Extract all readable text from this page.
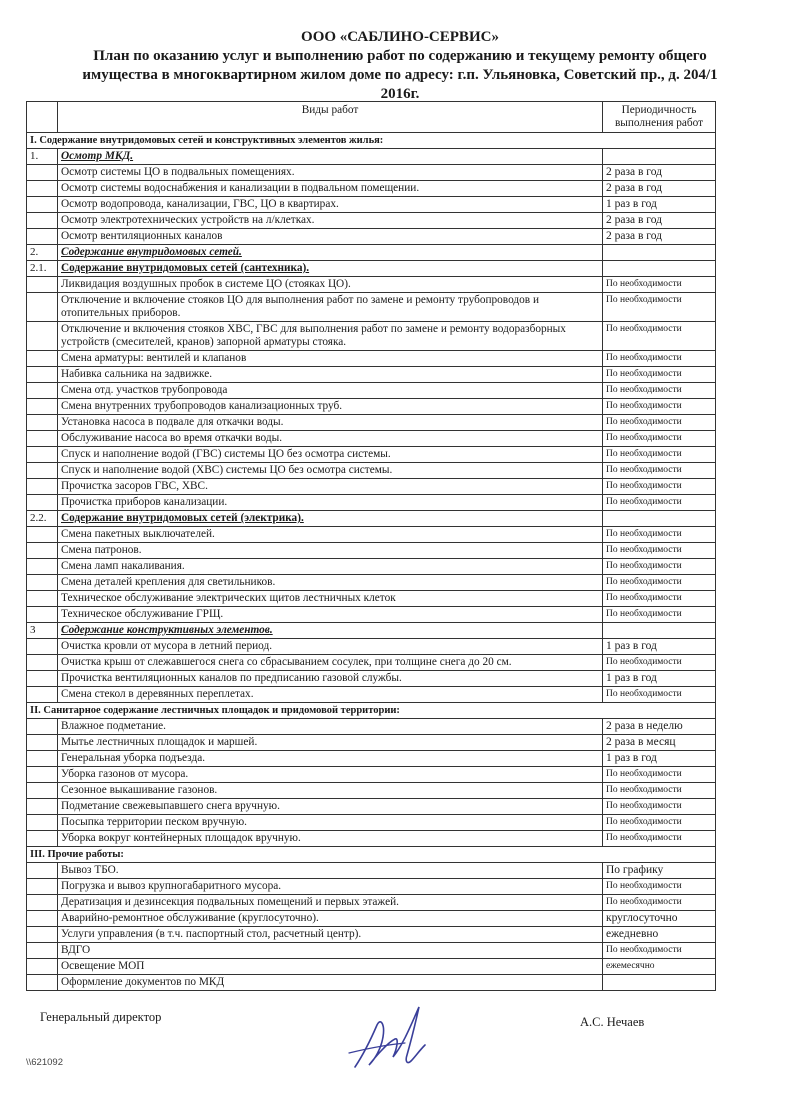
ООО «САБЛИНО-СЕРВИС»
План по оказанию услуг и выполнению работ по содержанию и текущему ремонту общего
имущества в многоквартирном жилом доме по адресу: г.п. Ульяновка, Советский пр., д. 204/1
2016г.
	Виды работ	Периодичность выполнения работ
I. Содержание внутридомовых сетей и конструктивных элементов жилья:		
1.	Осмотр МКД.	
	Осмотр системы ЦО в подвальных помещениях.	2 раза в год
	Осмотр системы водоснабжения и канализации в подвальном помещении.	2 раза в год
	Осмотр водопровода, канализации, ГВС, ЦО в квартирах.	1 раз в год
	Осмотр электротехнических устройств на л/клетках.	2 раза в год
	Осмотр вентиляционных каналов	2 раза в год
2.	Содержание внутридомовых сетей.	
2.1.	Содержание внутридомовых сетей (сантехника).	
	Ликвидация воздушных пробок в системе ЦО (стояках ЦО).	По необходимости
	Отключение и включение стояков ЦО для выполнения работ по замене и ремонту трубопроводов и отопительных приборов.	По необходимости
	Отключение и включения стояков ХВС, ГВС для выполнения работ по замене и ремонту водоразборных устройств (смесителей, кранов) запорной арматуры стояка.	По необходимости
	Смена арматуры: вентилей и клапанов	По необходимости
	Набивка сальника на задвижке.	По необходимости
	Смена отд. участков трубопровода	По необходимости
	Смена внутренних трубопроводов канализационных труб.	По необходимости
	Установка насоса в подвале для откачки воды.	По необходимости
	Обслуживание насоса во время откачки воды.	По необходимости
	Спуск и наполнение водой (ГВС) системы ЦО без осмотра системы.	По необходимости
	Спуск и наполнение водой (ХВС) системы ЦО без осмотра системы.	По необходимости
	Прочистка засоров ГВС, ХВС.	По необходимости
	Прочистка приборов канализации.	По необходимости
2.2.	Содержание внутридомовых сетей (электрика).	
	Смена пакетных выключателей.	По необходимости
	Смена патронов.	По необходимости
	Смена ламп накаливания.	По необходимости
	Смена деталей крепления для светильников.	По необходимости
	Техническое обслуживание электрических щитов лестничных клеток	По необходимости
	Техническое обслуживание ГРЩ.	По необходимости
3	Содержание конструктивных элементов.	
	Очистка кровли от мусора в летний период.	1 раз в год
	Очистка крыш от слежавшегося снега со сбрасыванием сосулек, при толщине снега до 20 см.	По необходимости
	Прочистка вентиляционных каналов по предписанию газовой службы.	1 раз в год
	Смена стекол в деревянных переплетах.	По необходимости
II. Санитарное содержание лестничных площадок и придомовой территории:		
	Влажное подметание.	2 раза в неделю
	Мытье лестничных площадок и маршей.	2 раза в месяц
	Генеральная уборка подъезда.	1 раз в год
	Уборка газонов от мусора.	По необходимости
	Сезонное выкашивание газонов.	По необходимости
	Подметание свежевыпавшего снега вручную.	По необходимости
	Посыпка территории песком вручную.	По необходимости
	Уборка вокруг контейнерных площадок вручную.	По необходимости
III. Прочие работы:		
	Вывоз ТБО.	По графику
	Погрузка и вывоз крупногабаритного мусора.	По необходимости
	Дератизация и дезинсекция подвальных помещений и первых этажей.	По необходимости
	Аварийно-ремонтное обслуживание (круглосуточно).	круглосуточно
	Услуги управления (в т.ч. паспортный стол, расчетный центр).	ежедневно
	ВДГО	По необходимости
	Освещение МОП	ежемесячно
	Оформление документов по МКД	
Генеральный директор	А.С. Нечаев
\\621092
